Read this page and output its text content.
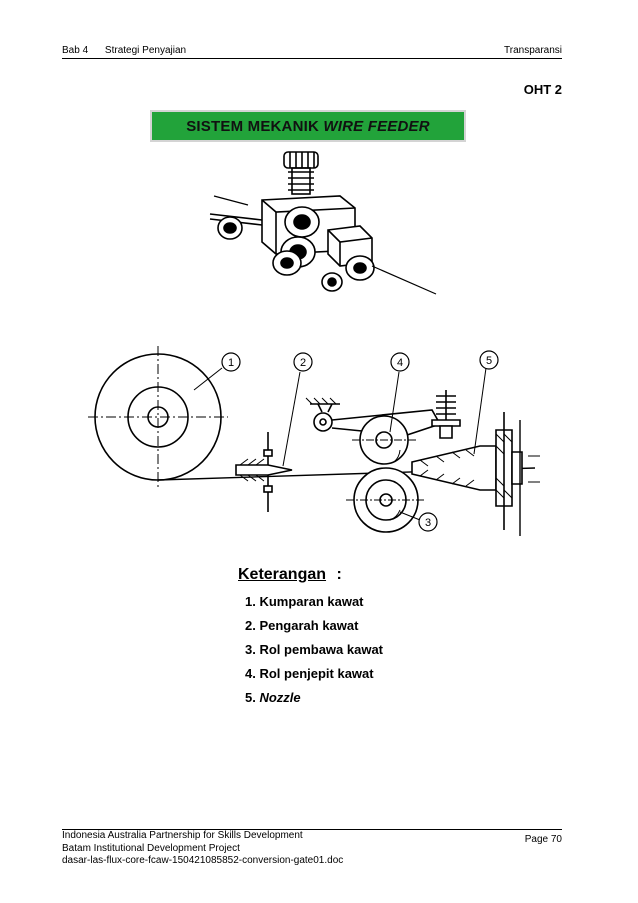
Bab 4 Strategi Penyajian	Transparansi
OHT 2
SISTEM MEKANIK WIRE FEEDER
1	2
3
4	5
Keterangan :
1. Kumparan kawat
2. Pengarah kawat
3. Rol pembawa kawat
4. Rol penjepit kawat
5. Nozzle
Indonesia Australia Partnership for Skills Development
Batam Institutional Development Project
dasar-las-flux-core-fcaw-150421085852-conversion-gate01.doc
Page 70
